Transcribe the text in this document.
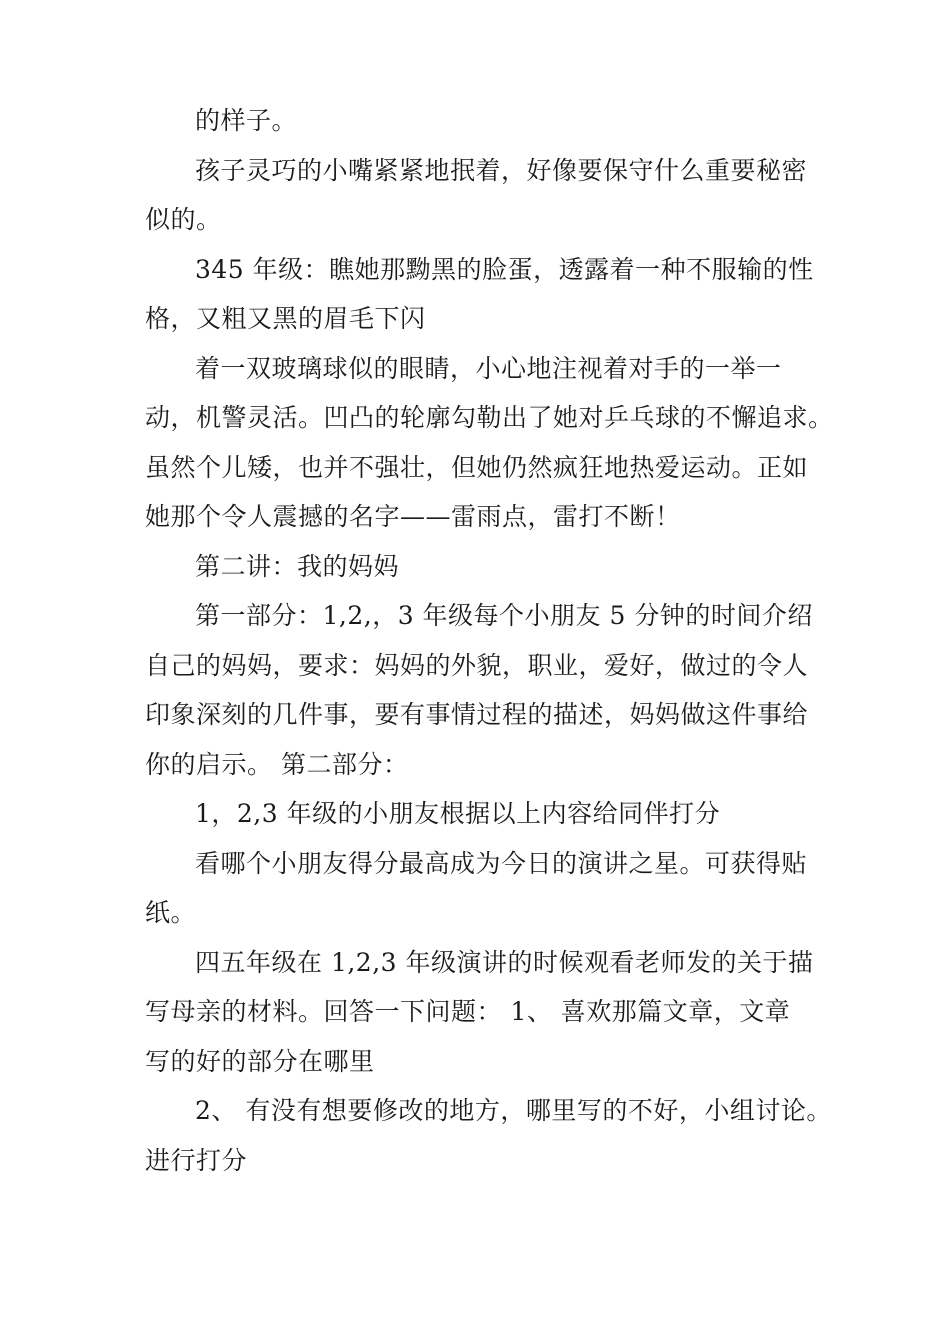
的样子。
孩子灵巧的小嘴紧紧地抿着，好像要保守什么重要秘密
似的。
345 年级：瞧她那黝黑的脸蛋，透露着一种不服输的性
格，又粗又黑的眉毛下闪
着一双玻璃球似的眼睛，小心地注视着对手的一举一
动，机警灵活。凹凸的轮廓勾勒出了她对乒乓球的不懈追求。
虽然个儿矮，也并不强壮，但她仍然疯狂地热爱运动。正如
她那个令人震撼的名字——雷雨点，雷打不断！
第二讲：我的妈妈
第一部分：1,2,，3 年级每个小朋友 5 分钟的时间介绍
自己的妈妈，要求：妈妈的外貌，职业，爱好，做过的令人
印象深刻的几件事，要有事情过程的描述，妈妈做这件事给
你的启示。 第二部分：
1，2,3 年级的小朋友根据以上内容给同伴打分
看哪个小朋友得分最高成为今日的演讲之星。可获得贴
纸。
四五年级在 1,2,3 年级演讲的时候观看老师发的关于描
写母亲的材料。回答一下问题： 1、 喜欢那篇文章，文章
写的好的部分在哪里
2、 有没有想要修改的地方，哪里写的不好，小组讨论。
进行打分
